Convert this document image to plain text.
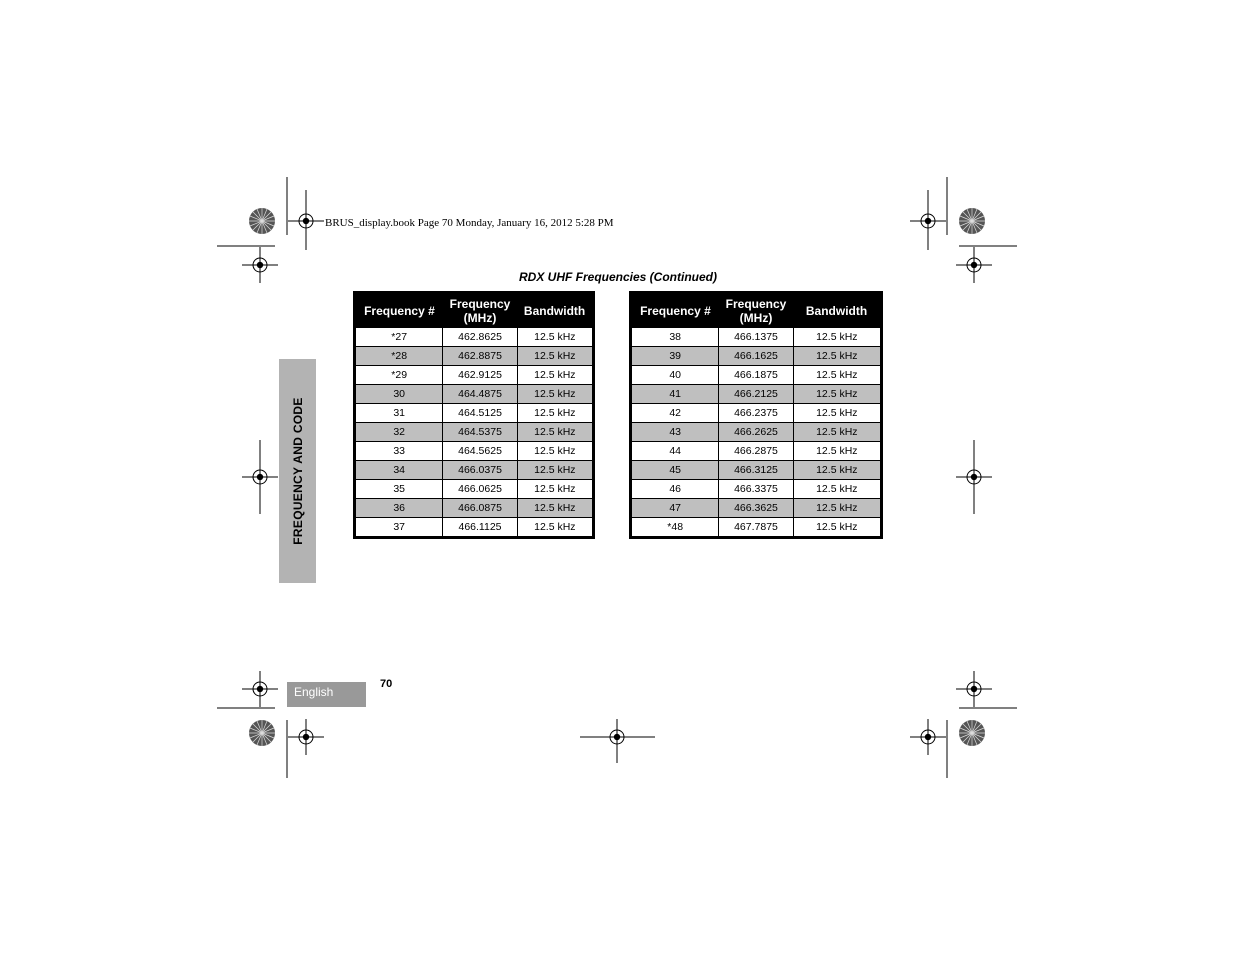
BRUS_display.book Page 70 Monday, January 16, 2012 5:28 PM
RDX UHF Frequencies (Continued)
FREQUENCY AND CODE
English
70
Frequency #	Frequency (MHz)	Bandwidth
*27	462.8625	12.5 kHz
*28	462.8875	12.5 kHz
*29	462.9125	12.5 kHz
30	464.4875	12.5 kHz
31	464.5125	12.5 kHz
32	464.5375	12.5 kHz
33	464.5625	12.5 kHz
34	466.0375	12.5 kHz
35	466.0625	12.5 kHz
36	466.0875	12.5 kHz
37	466.1125	12.5 kHz
Frequency #	Frequency (MHz)	Bandwidth
38	466.1375	12.5 kHz
39	466.1625	12.5 kHz
40	466.1875	12.5 kHz
41	466.2125	12.5 kHz
42	466.2375	12.5 kHz
43	466.2625	12.5 kHz
44	466.2875	12.5 kHz
45	466.3125	12.5 kHz
46	466.3375	12.5 kHz
47	466.3625	12.5 kHz
*48	467.7875	12.5 kHz
